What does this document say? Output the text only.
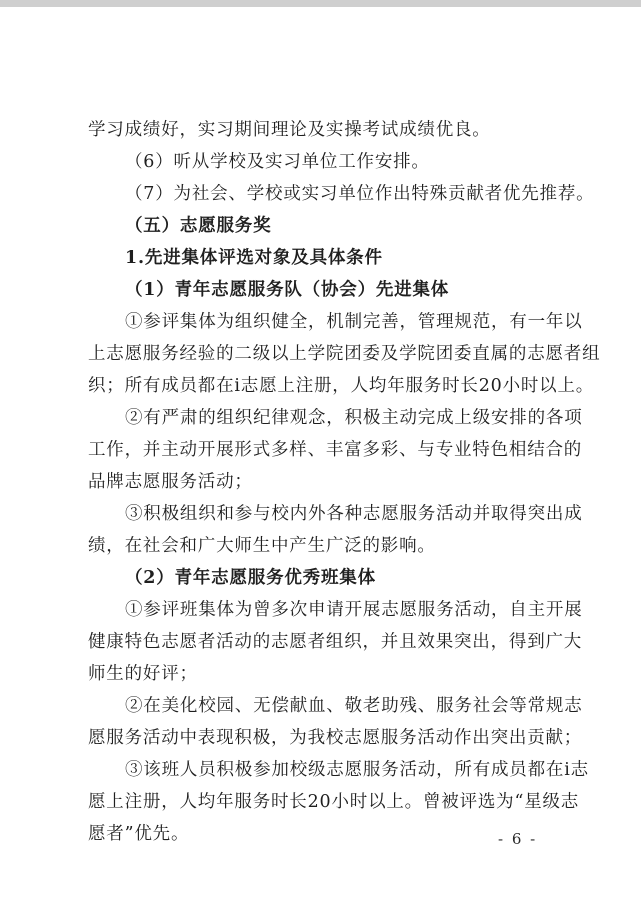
学习成绩好，实习期间理论及实操考试成绩优良。
（6）听从学校及实习单位工作安排。
（7）为社会、学校或实习单位作出特殊贡献者优先推荐。
（五）志愿服务奖
1.先进集体评选对象及具体条件
（1）青年志愿服务队（协会）先进集体
①参评集体为组织健全，机制完善，管理规范，有一年以
上志愿服务经验的二级以上学院团委及学院团委直属的志愿者组
织；所有成员都在i志愿上注册，人均年服务时长20小时以上。
②有严肃的组织纪律观念，积极主动完成上级安排的各项
工作，并主动开展形式多样、丰富多彩、与专业特色相结合的
品牌志愿服务活动；
③积极组织和参与校内外各种志愿服务活动并取得突出成
绩，在社会和广大师生中产生广泛的影响。
（2）青年志愿服务优秀班集体
①参评班集体为曾多次申请开展志愿服务活动，自主开展
健康特色志愿者活动的志愿者组织，并且效果突出，得到广大
师生的好评；
②在美化校园、无偿献血、敬老助残、服务社会等常规志
愿服务活动中表现积极，为我校志愿服务活动作出突出贡献；
③该班人员积极参加校级志愿服务活动，所有成员都在i志
愿上注册，人均年服务时长20小时以上。曾被评选为“星级志
愿者”优先。	- 6 -
